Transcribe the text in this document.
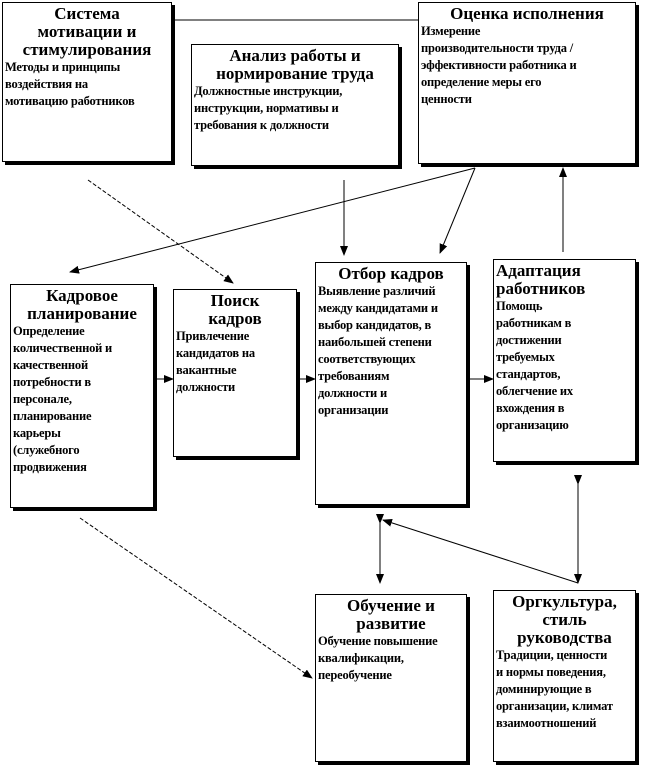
Система
мотивации и
стимулирования
Методы и принципы
воздействия на
мотивацию работников
Анализ работы и
нормирование труда
Должностные инструкции,
инструкции, нормативы и
требования к должности
Оценка исполнения
Измерение
производительности труда /
эффективности работника и
определение меры его
ценности
Кадровое
планирование
Определение
количественной и
качественной
потребности в
персонале,
планирование
карьеры
(служебного
продвижения
Поиск
кадров
Привлечение
кандидатов на
вакантные
должности
Отбор кадров
Выявление различий
между кандидатами и
выбор кандидатов, в
наибольшей степени
соответствующих
требованиям
должности и
организации
Адаптация
работников
Помощь
работникам в
достижении
требуемых
стандартов,
облегчение их
вхождения в
организацию
Обучение и
развитие
Обучение повышение
квалификации,
переобучение
Оргкультура,
стиль
руководства
Традиции, ценности
и нормы поведения,
доминирующие в
организации, климат
взаимоотношений
